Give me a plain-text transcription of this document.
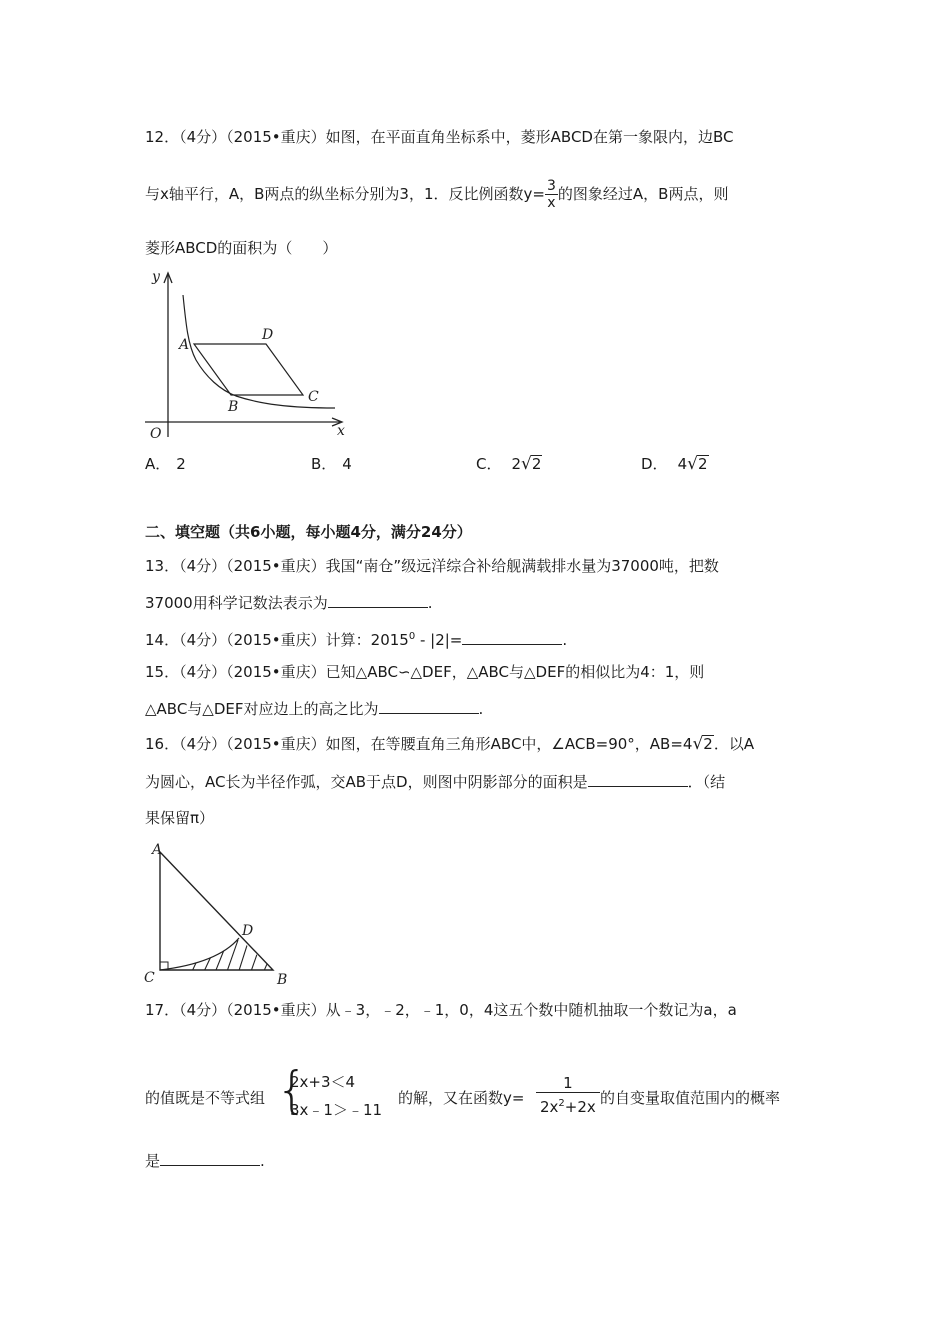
12．（4分）（2015•重庆）如图，在平面直角坐标系中，菱形ABCD在第一象限内，边BC
与x轴平行，A，B两点的纵坐标分别为3，1．反比例函数$y= \frac{3}{x}$ 的图象经过A，B两点，则
菱形ABCD的面积为（　　）
y
x
O
A
B
C
D
A． 2	B． 4	C． 2√2	D． 4√2
二、填空题（共6小题，每小题4分，满分24分）
13．（4分）（2015•重庆）我国“南仓”级远洋综合补给舰满载排水量为37000吨，把数
37000用科学记数法表示为	.
14．（4分）（2015•重庆）计算：2015$^0$ - |2|=	.
15．（4分）（2015•重庆）已知△ABC∽△DEF，△ABC与△DEF的相似比为4：1，则
△ABC与△DEF对应边上的高之比为	.
16．（4分）（2015•重庆）如图，在等腰直角三角形ABC中，∠ACB=90°，AB=4√2．以A
为圆心，AC长为半径作弧，交AB于点D，则图中阴影部分的面积是	．（结
果保留π）
A
C	B
D
17．（4分）（2015•重庆）从﹣3，﹣2，﹣1，0，4这五个数中随机抽取一个数记为a，a
的值既是不等式组 {
2x+3＜4
3x﹣1＞﹣11
的解，又在函数$y= \frac{1}{2x^2+2x}$ 的自变量取值范围内的概率
是	.
